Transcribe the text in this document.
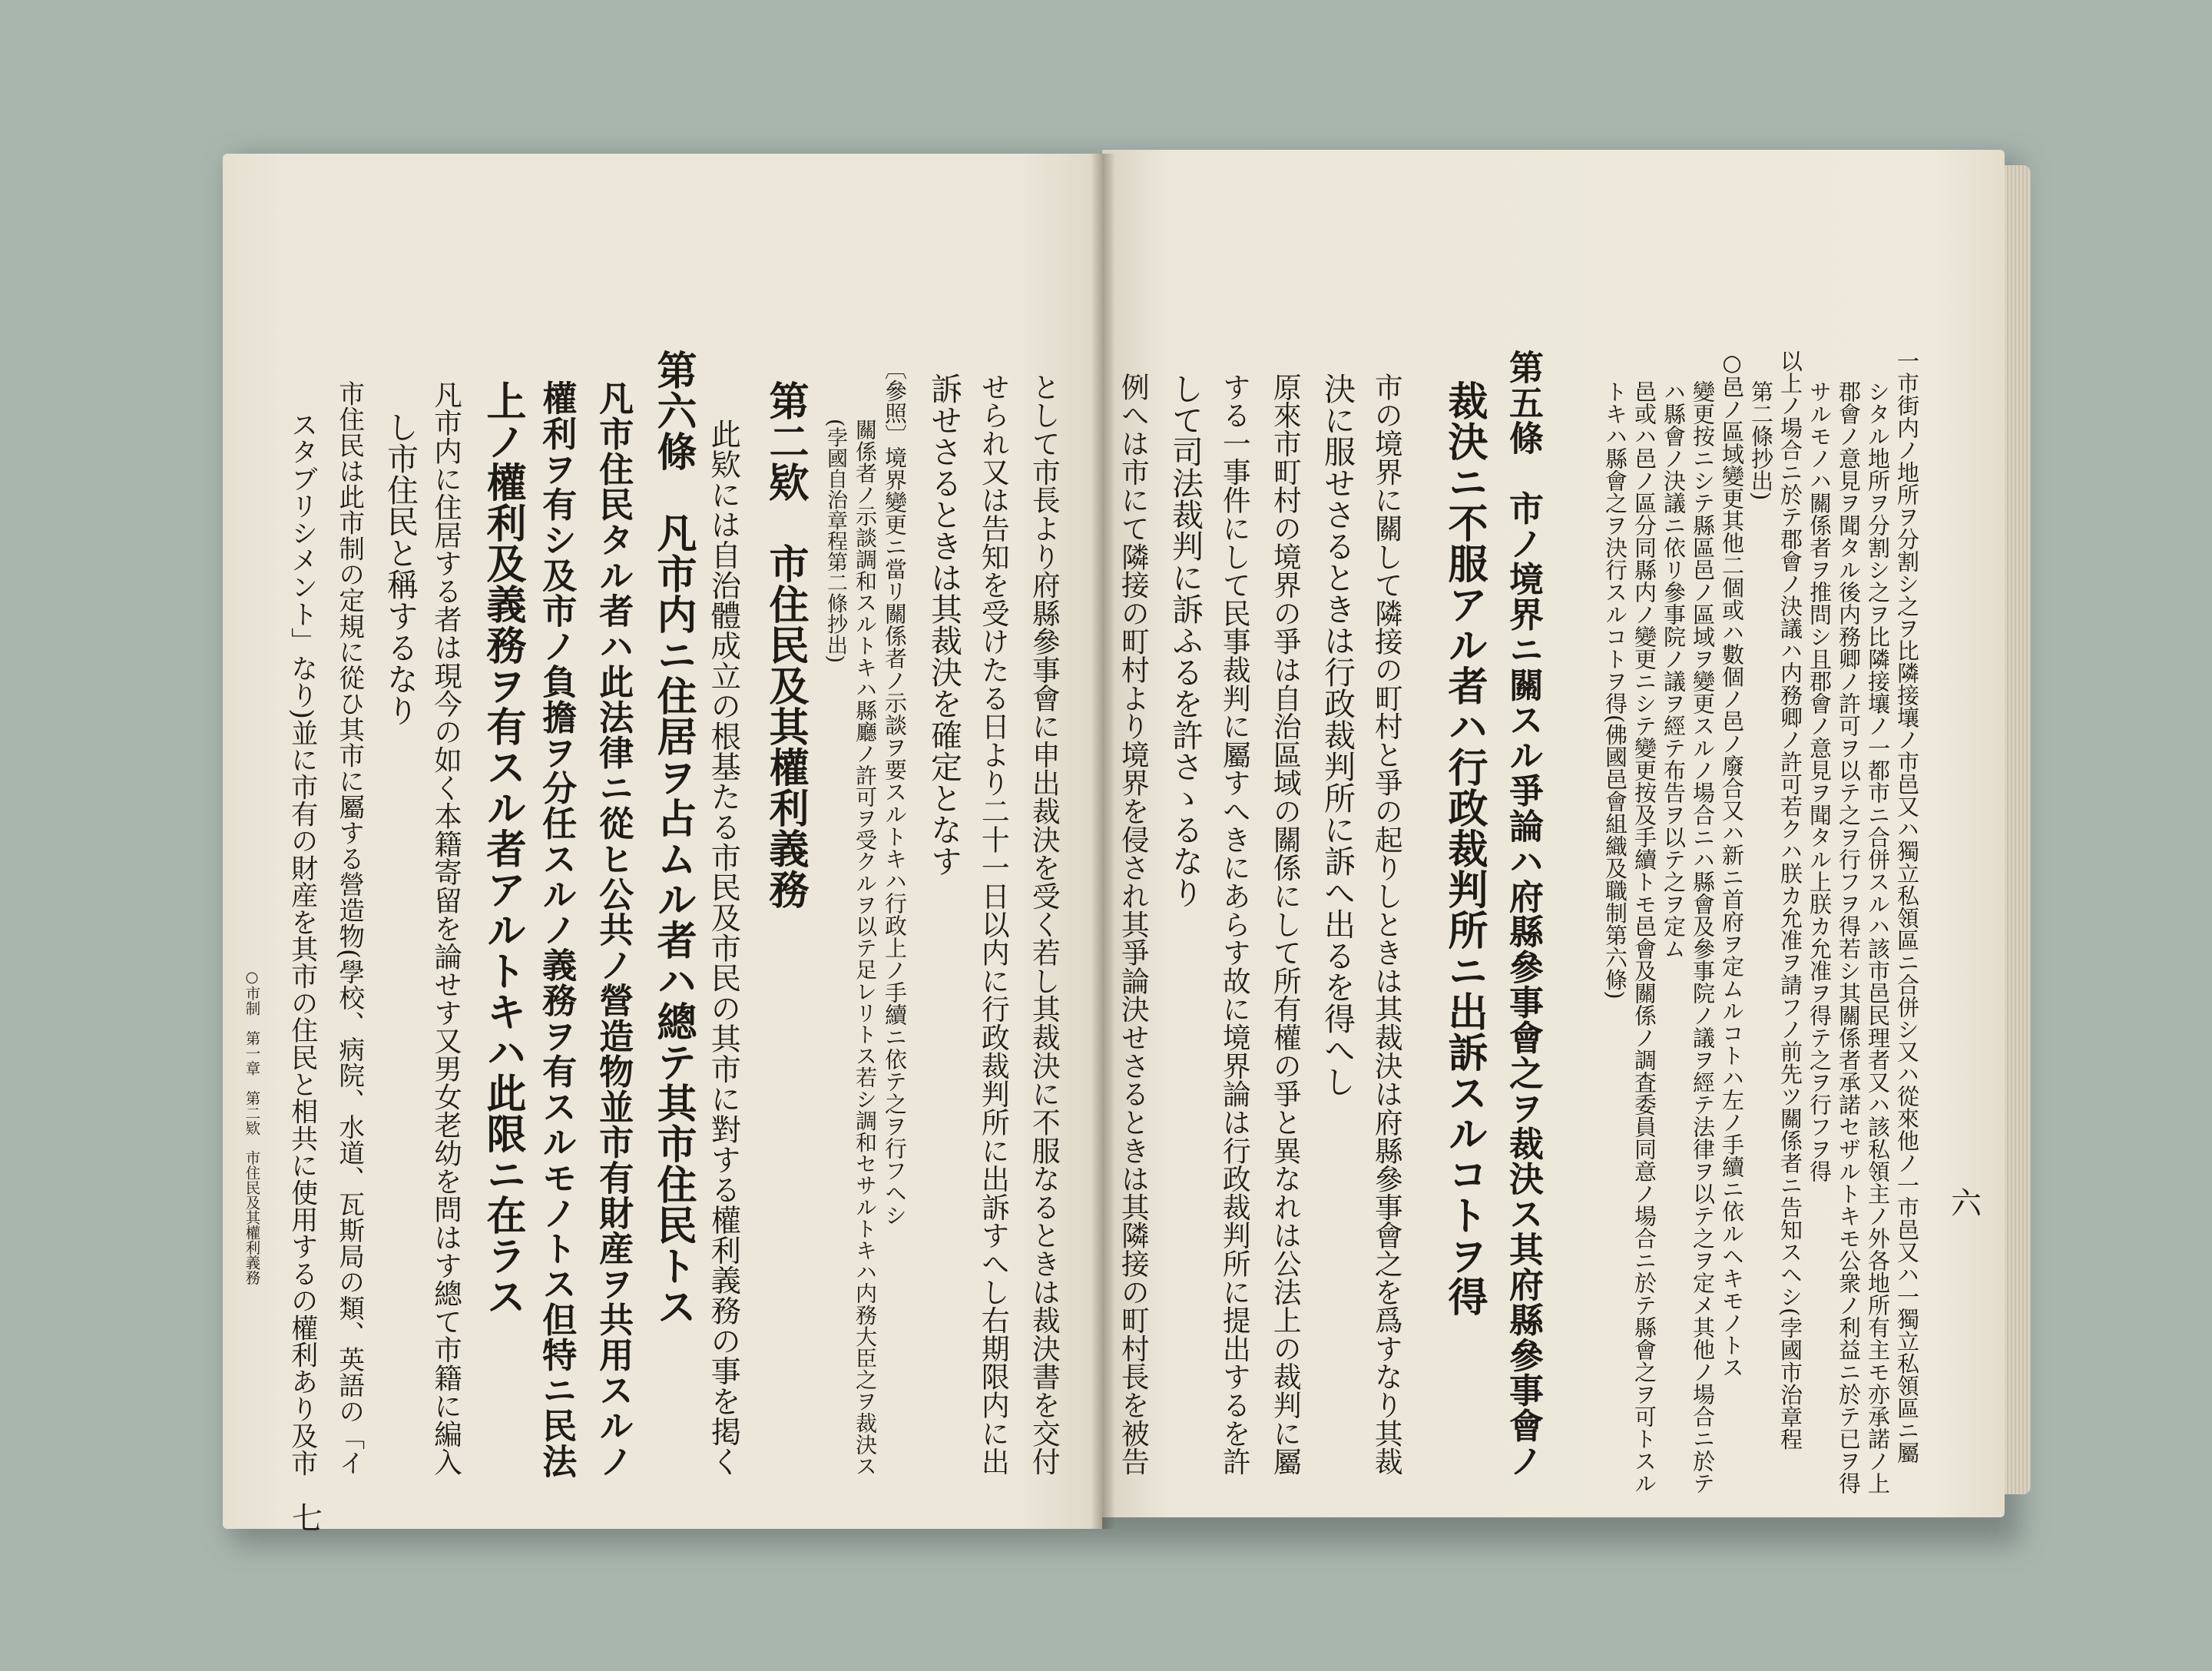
六
一市街内ノ地所ヲ分割シ之ヲ比隣接壤ノ市邑又ハ獨立私領區ニ合併シ又ハ從來他ノ一市邑又ハ一獨立私領區ニ屬
シタル地所ヲ分割シ之ヲ比隣接壤ノ一都市ニ合併スルハ該市邑民理者又ハ該私領主ノ外各地所有主モ亦承諾ノ上
郡會ノ意見ヲ聞タル後内務卿ノ許可ヲ以テ之ヲ行フヲ得若シ其關係者承諾セザルトキモ公衆ノ利益ニ於テ已ヲ得
サルモノハ關係者ヲ推問シ且郡會ノ意見ヲ聞タル上朕カ允准ヲ得テ之ヲ行フヲ得
以上ノ場合ニ於テ郡會ノ決議ハ内務卿ノ許可若クハ朕カ允准ヲ請フノ前先ツ關係者ニ告知スヘシ(孛國市治章程
第二條抄出)
○邑ノ區域變更其他二個或ハ數個ノ邑ノ廢合又ハ新ニ首府ヲ定ムルコトハ左ノ手續ニ依ルヘキモノトス
變更按ニシテ縣區邑ノ區域ヲ變更スルノ場合ニハ縣會及參事院ノ議ヲ經テ法律ヲ以テ之ヲ定メ其他ノ場合ニ於テ
ハ縣會ノ決議ニ依リ參事院ノ議ヲ經テ布告ヲ以テ之ヲ定ム
邑或ハ邑ノ區分同縣内ノ變更ニシテ變更按及手續トモ邑會及關係ノ調査委員同意ノ場合ニ於テ縣會之ヲ可トスル
トキハ縣會之ヲ決行スルコトヲ得(佛國邑會組織及職制第六條)
第五條　市ノ境界ニ關スル爭論ハ府縣參事會之ヲ裁決ス其府縣參事會ノ
裁決ニ不服アル者ハ行政裁判所ニ出訴スルコトヲ得
市の境界に關して隣接の町村と爭の起りしときは其裁決は府縣參事會之を爲すなり其裁
決に服せさるときは行政裁判所に訴へ出るを得へし
原來市町村の境界の爭は自治區域の關係にして所有權の爭と異なれは公法上の裁判に屬
する一事件にして民事裁判に屬すへきにあらす故に境界論は行政裁判所に提出するを許
して司法裁判に訴ふるを許さゝるなり
例へは市にて隣接の町村より境界を侵され其爭論決せさるときは其隣接の町村長を被告
として市長より府縣參事會に申出裁決を受く若し其裁決に不服なるときは裁決書を交付
せられ又は告知を受けたる日より二十一日以内に行政裁判所に出訴すへし右期限内に出
訴せさるときは其裁決を確定となす
〔參照〕境界變更ニ當リ關係者ノ示談ヲ要スルトキハ行政上ノ手續ニ依テ之ヲ行フヘシ
關係者ノ示談調和スルトキハ縣廳ノ許可ヲ受クルヲ以テ足レリトス若シ調和セサルトキハ内務大臣之ヲ裁決ス
(孛國自治章程第二條抄出)
第二欵　市住民及其權利義務
此欵には自治體成立の根基たる市民及市民の其市に對する權利義務の事を掲く
第六條　凡市内ニ住居ヲ占ムル者ハ總テ其市住民トス
凡市住民タル者ハ此法律ニ從ヒ公共ノ營造物並市有財産ヲ共用スルノ
權利ヲ有シ及市ノ負擔ヲ分任スルノ義務ヲ有スルモノトス但特ニ民法
上ノ權利及義務ヲ有スル者アルトキハ此限ニ在ラス
凡市内に住居する者は現今の如く本籍寄留を論せす又男女老幼を問はす總て市籍に編入
し市住民と稱するなり
市住民は此市制の定規に從ひ其市に屬する營造物(學校、病院、水道、瓦斯局の類、英語の「イ
スタブリシメント」なり)並に市有の財産を其市の住民と相共に使用するの權利あり及市
○市制　第一章　第二欵　市住民及其權利義務
七
